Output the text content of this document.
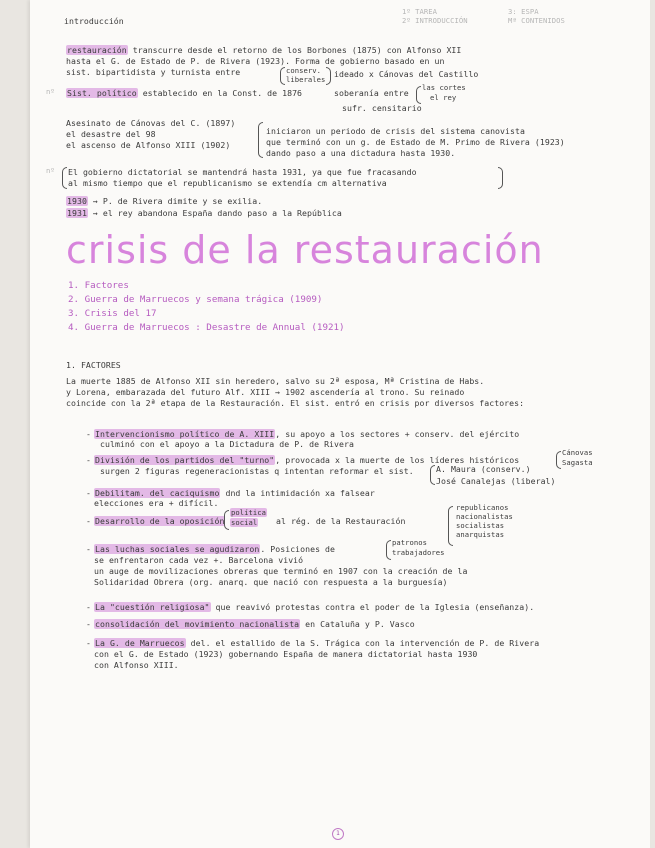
introducción
1º TAREA	3: ESPA
2º INTRODUCCIÓN	Mª CONTENIDOS
restauración transcurre desde el retorno de los Borbones (1875) con Alfonso XII
hasta el G. de Estado de P. de Rivera (1923). Forma de gobierno basado en un
sist. bipartidista y turnista entre	conserv.
liberales
ideado x Cánovas del Castillo
nº Sist. político establecido en la Const. de 1876	soberanía entre
las cortes
el rey
sufr. censitario
Asesinato de Cánovas del C. (1897)
el desastre del 98
el ascenso de Alfonso XIII (1902)
iniciaron un periodo de crisis del sistema canovista
que terminó con un g. de Estado de M. Primo de Rivera (1923)
dando paso a una dictadura hasta 1930.
nº El gobierno dictatorial se mantendrá hasta 1931, ya que fue fracasando
al mismo tiempo que el republicanismo se extendía cm alternativa
1930 → P. de Rivera dimite y se exilia.
1931 → el rey abandona España dando paso a la República
crisis de la restauración
1. Factores
2. Guerra de Marruecos y semana trágica (1909)
3. Crisis del 17
4. Guerra de Marruecos : Desastre de Annual (1921)
1. FACTORES
La muerte 1885 de Alfonso XII sin heredero, salvo su 2ª esposa, Mª Cristina de Habs.
y Lorena, embarazada del futuro Alf. XIII → 1902 ascendería al trono. Su reinado
coincide con la 2ª etapa de la Restauración. El sist. entró en crisis por diversos factores:
- Intervencionismo político de A. XIII, su apoyo a los sectores + conserv. del ejército
culminó con el apoyo a la Dictadura de P. de Rivera
- División de los partidos del "turno", provocada x la muerte de los líderes históricos
Cánovas
Sagasta
surgen 2 figuras regeneracionistas q intentan reformar el sist.	A. Maura (conserv.)
José Canalejas (liberal)
- Debilitam. del caciquismo dnd la intimidación xa falsear
elecciones era + difícil.
- Desarrollo de la oposición
política
social al rég. de la Restauración
republicanos
nacionalistas
socialistas
anarquistas
- Las luchas sociales se agudizaron. Posiciones de
patronos
trabajadores
se enfrentaron cada vez +. Barcelona vivió
un auge de movilizaciones obreras que terminó en 1907 con la creación de la
Solidaridad Obrera (org. anarq. que nació con respuesta a la burguesía)
- La "cuestión religiosa" que reavivó protestas contra el poder de la Iglesia (enseñanza).
- consolidación del movimiento nacionalista en Cataluña y P. Vasco
- La G. de Marruecos del. el estallido de la S. Trágica con la intervención de P. de Rivera
con el G. de Estado (1923) gobernando España de manera dictatorial hasta 1930
con Alfonso XIII.
1
